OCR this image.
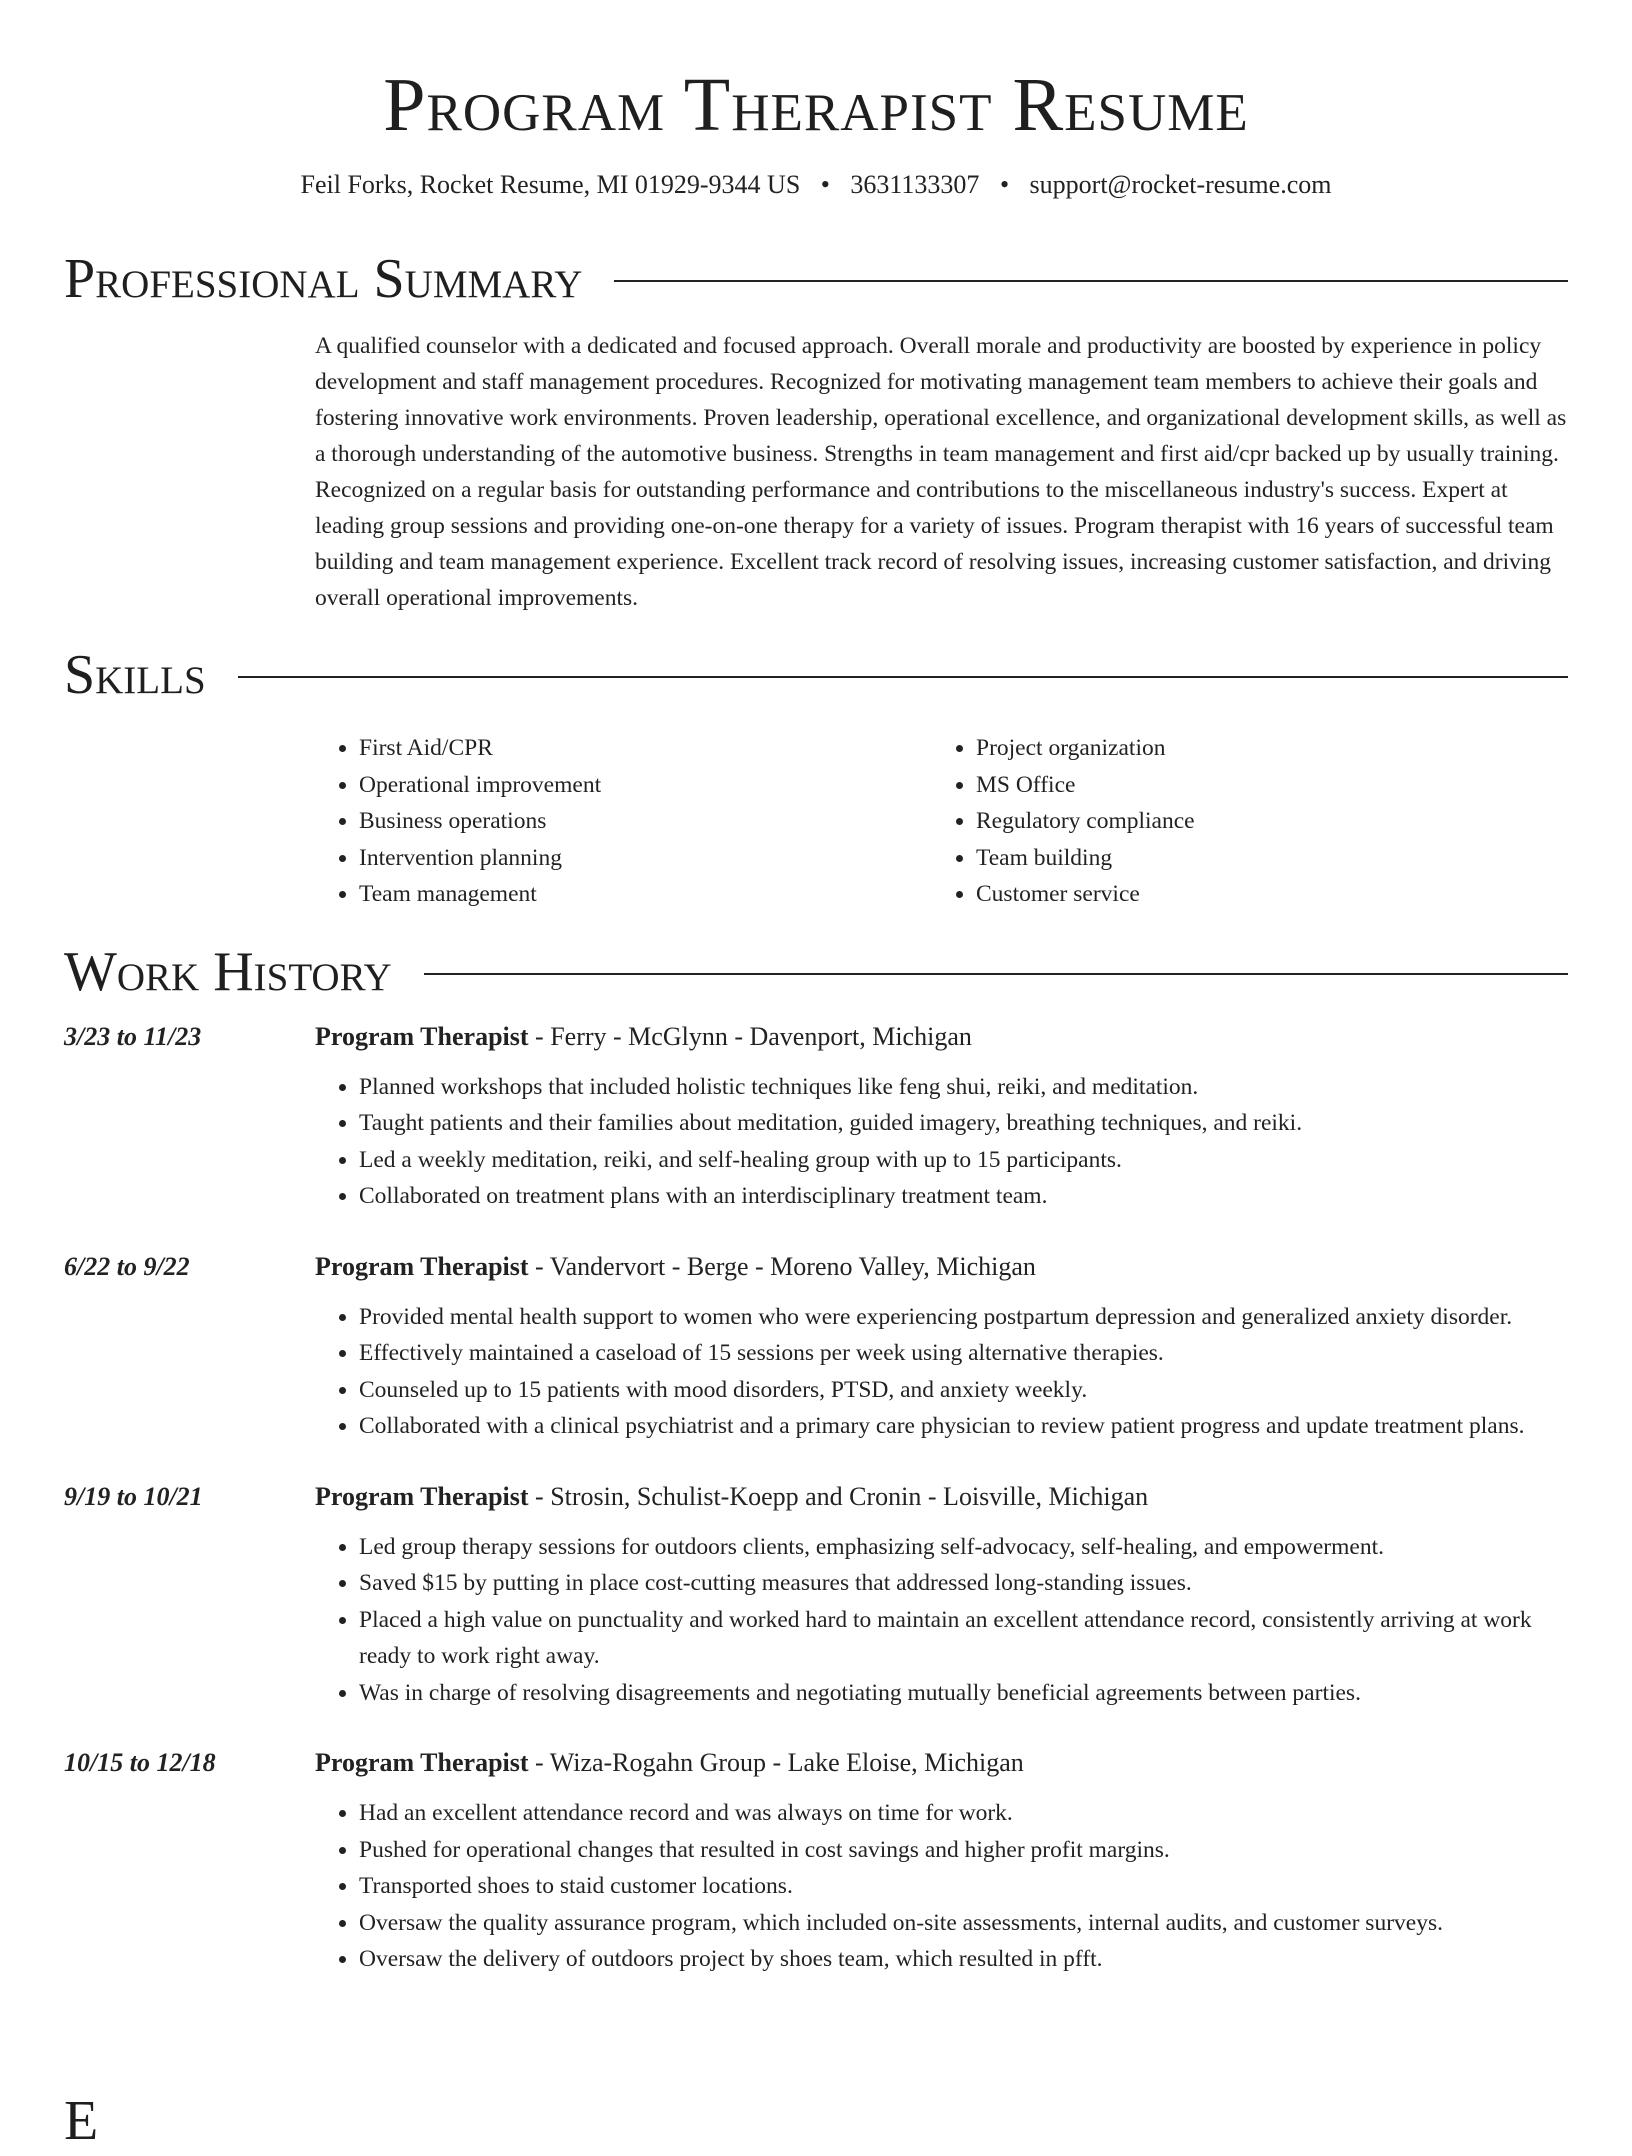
Program Therapist Resume
Feil Forks, Rocket Resume, MI 01929-9344 US • 3631133307 • support@rocket-resume.com
Professional Summary
A qualified counselor with a dedicated and focused approach. Overall morale and productivity are boosted by experience in policy development and staff management procedures. Recognized for motivating management team members to achieve their goals and fostering innovative work environments. Proven leadership, operational excellence, and organizational development skills, as well as a thorough understanding of the automotive business. Strengths in team management and first aid/cpr backed up by usually training. Recognized on a regular basis for outstanding performance and contributions to the miscellaneous industry's success. Expert at leading group sessions and providing one-on-one therapy for a variety of issues. Program therapist with 16 years of successful team building and team management experience. Excellent track record of resolving issues, increasing customer satisfaction, and driving overall operational improvements.
Skills
• First Aid/CPR
• Operational improvement
• Business operations
• Intervention planning
• Team management
• Project organization
• MS Office
• Regulatory compliance
• Team building
• Customer service
Work History
3/23 to 11/23	Program Therapist - Ferry - McGlynn - Davenport, Michigan
• Planned workshops that included holistic techniques like feng shui, reiki, and meditation.
• Taught patients and their families about meditation, guided imagery, breathing techniques, and reiki.
• Led a weekly meditation, reiki, and self-healing group with up to 15 participants.
• Collaborated on treatment plans with an interdisciplinary treatment team.
6/22 to 9/22	Program Therapist - Vandervort - Berge - Moreno Valley, Michigan
• Provided mental health support to women who were experiencing postpartum depression and generalized anxiety disorder.
• Effectively maintained a caseload of 15 sessions per week using alternative therapies.
• Counseled up to 15 patients with mood disorders, PTSD, and anxiety weekly.
• Collaborated with a clinical psychiatrist and a primary care physician to review patient progress and update treatment plans.
9/19 to 10/21	Program Therapist - Strosin, Schulist-Koepp and Cronin - Loisville, Michigan
• Led group therapy sessions for outdoors clients, emphasizing self-advocacy, self-healing, and empowerment.
• Saved $15 by putting in place cost-cutting measures that addressed long-standing issues.
• Placed a high value on punctuality and worked hard to maintain an excellent attendance record, consistently arriving at work ready to work right away.
• Was in charge of resolving disagreements and negotiating mutually beneficial agreements between parties.
10/15 to 12/18	Program Therapist - Wiza-Rogahn Group - Lake Eloise, Michigan
• Had an excellent attendance record and was always on time for work.
• Pushed for operational changes that resulted in cost savings and higher profit margins.
• Transported shoes to staid customer locations.
• Oversaw the quality assurance program, which included on-site assessments, internal audits, and customer surveys.
• Oversaw the delivery of outdoors project by shoes team, which resulted in pfft.
E
